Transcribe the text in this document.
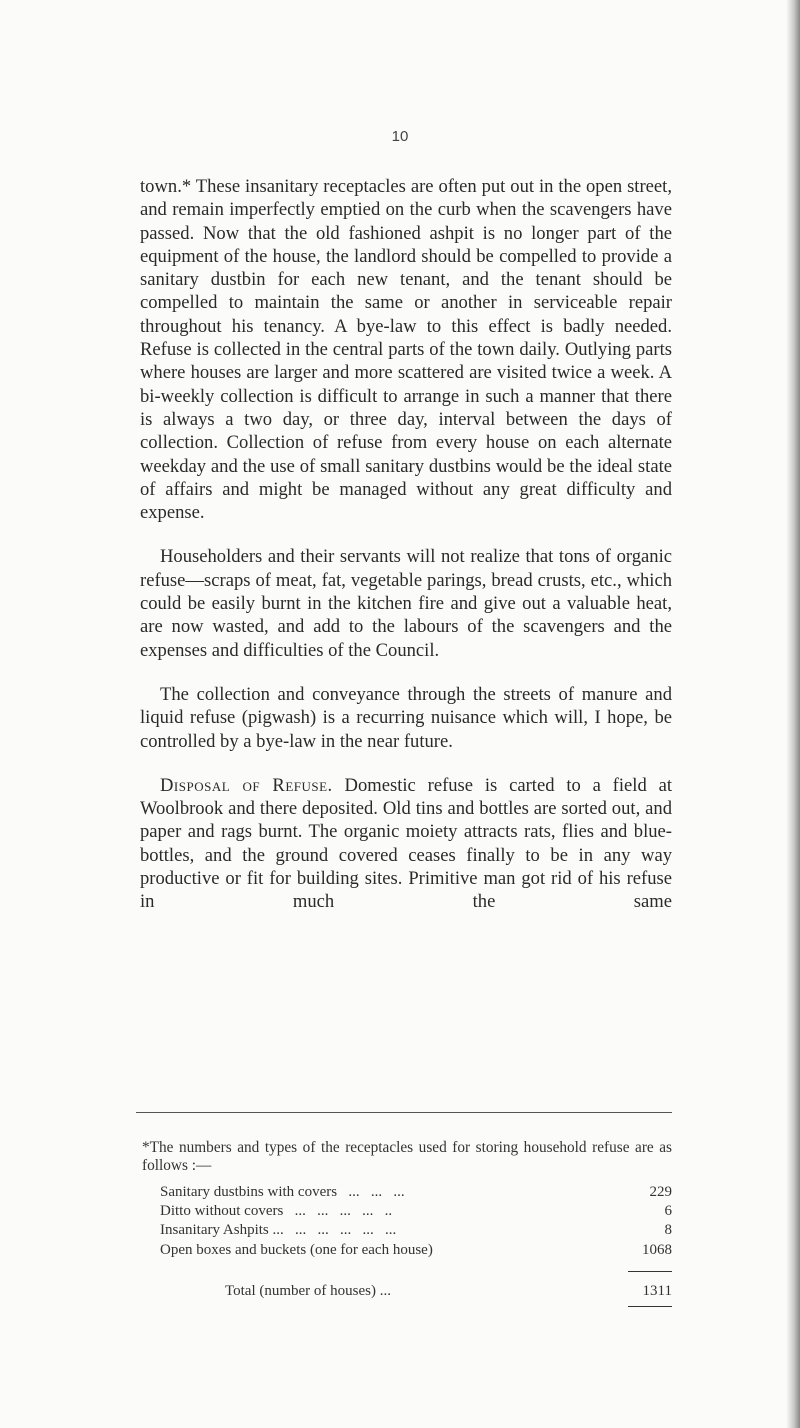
10

town.* These insanitary receptacles are often put out in the open street, and remain imperfectly emptied on the curb when the scavengers have passed. Now that the old fashioned ashpit is no longer part of the equipment of the house, the landlord should be compelled to provide a sanitary dustbin for each new tenant, and the tenant should be compelled to maintain the same or another in serviceable repair throughout his tenancy. A bye-law to this effect is badly needed. Refuse is collected in the central parts of the town daily. Outlying parts where houses are larger and more scattered are visited twice a week. A bi-weekly collection is difficult to arrange in such a manner that there is always a two day, or three day, interval between the days of collection. Collection of refuse from every house on each alternate weekday and the use of small sanitary dustbins would be the ideal state of affairs and might be managed without any great difficulty and expense.

Householders and their servants will not realize that tons of organic refuse—scraps of meat, fat, vegetable parings, bread crusts, etc., which could be easily burnt in the kitchen fire and give out a valuable heat, are now wasted, and add to the labours of the scavengers and the expenses and difficulties of the Council.

The collection and conveyance through the streets of manure and liquid refuse (pigwash) is a recurring nuisance which will, I hope, be controlled by a bye-law in the near future.

Disposal of Refuse. Domestic refuse is carted to a field at Woolbrook and there deposited. Old tins and bottles are sorted out, and paper and rags burnt. The organic moiety attracts rats, flies and blue-bottles, and the ground covered ceases finally to be in any way productive or fit for building sites. Primitive man got rid of his refuse in much the same

*The numbers and types of the receptacles used for storing household refuse are as follows :—

Sanitary dustbins with covers   ...   ...   ...	229
Ditto without covers   ...   ...   ...   ...   ..	6
Insanitary Ashpits ...   ...   ...   ...   ...   ...	8
Open boxes and buckets (one for each house)	1068
Total (number of houses) ...	1311
